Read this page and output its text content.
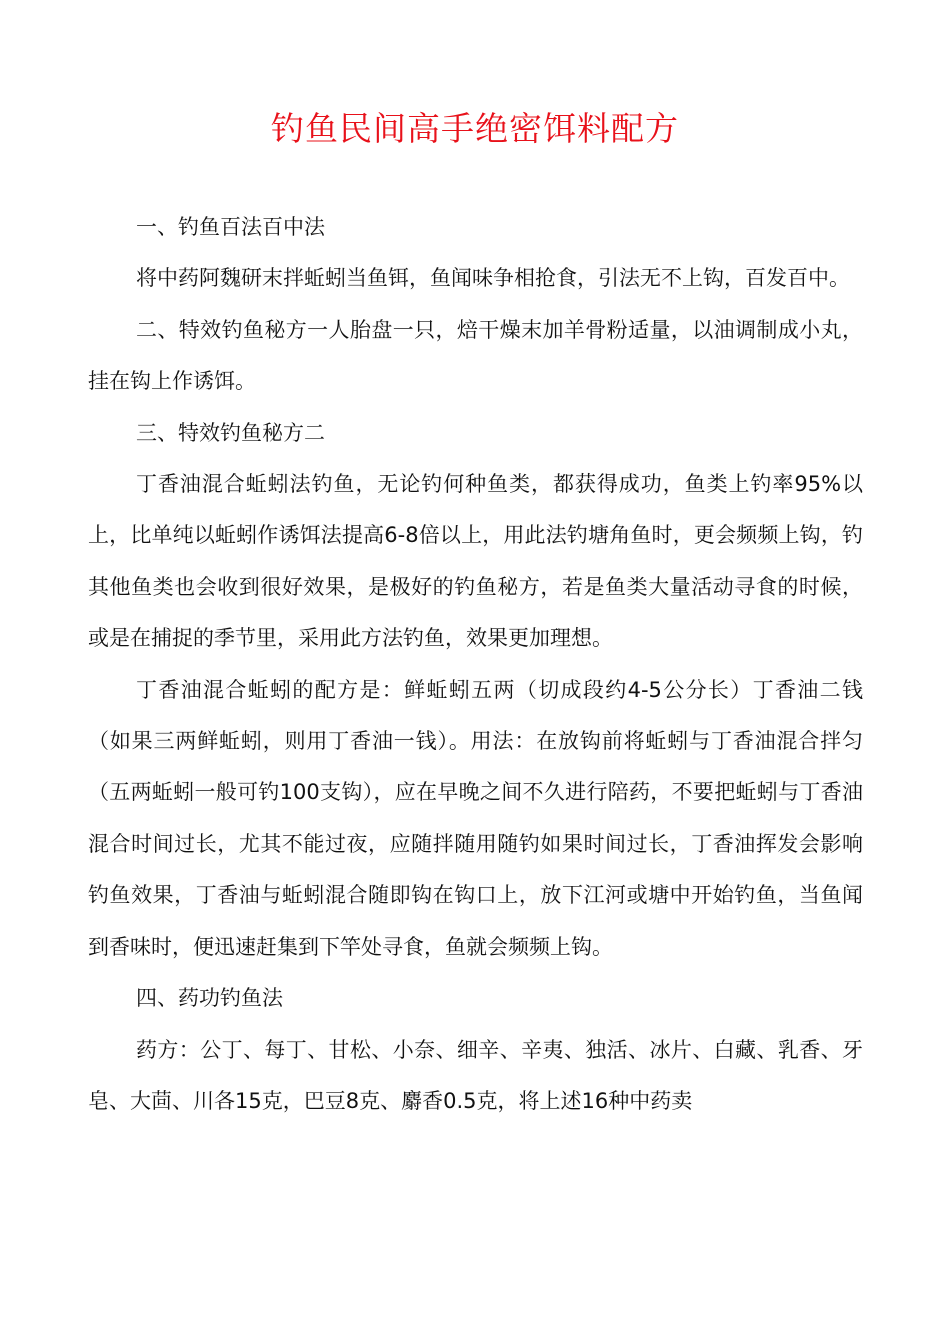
钓鱼民间高手绝密饵料配方

一、钓鱼百法百中法

将中药阿魏研末拌蚯蚓当鱼铒，鱼闻味争相抢食，引法无不上钩，百发百中。

二、特效钓鱼秘方一人胎盘一只，焙干燥末加羊骨粉适量，以油调制成小丸，挂在钩上作诱饵。

三、特效钓鱼秘方二

丁香油混合蚯蚓法钓鱼，无论钓何种鱼类，都获得成功，鱼类上钓率95%以上，比单纯以蚯蚓作诱饵法提高6-8倍以上，用此法钓塘角鱼时，更会频频上钩，钓其他鱼类也会收到很好效果，是极好的钓鱼秘方，若是鱼类大量活动寻食的时候，或是在捕捉的季节里，采用此方法钓鱼，效果更加理想。

丁香油混合蚯蚓的配方是：鲜蚯蚓五两（切成段约4-5公分长）丁香油二钱（如果三两鲜蚯蚓，则用丁香油一钱）。用法：在放钩前将蚯蚓与丁香油混合拌匀（五两蚯蚓一般可钓100支钩），应在早晚之间不久进行陪药，不要把蚯蚓与丁香油混合时间过长，尤其不能过夜，应随拌随用随钓如果时间过长，丁香油挥发会影响钓鱼效果，丁香油与蚯蚓混合随即钩在钩口上，放下江河或塘中开始钓鱼，当鱼闻到香味时，便迅速赶集到下竿处寻食，鱼就会频频上钩。

四、药功钓鱼法

药方：公丁、每丁、甘松、小奈、细辛、辛夷、独活、冰片、白藏、乳香、牙皂、大茴、川各15克，巴豆8克、麝香0.5克，将上述16种中药卖
